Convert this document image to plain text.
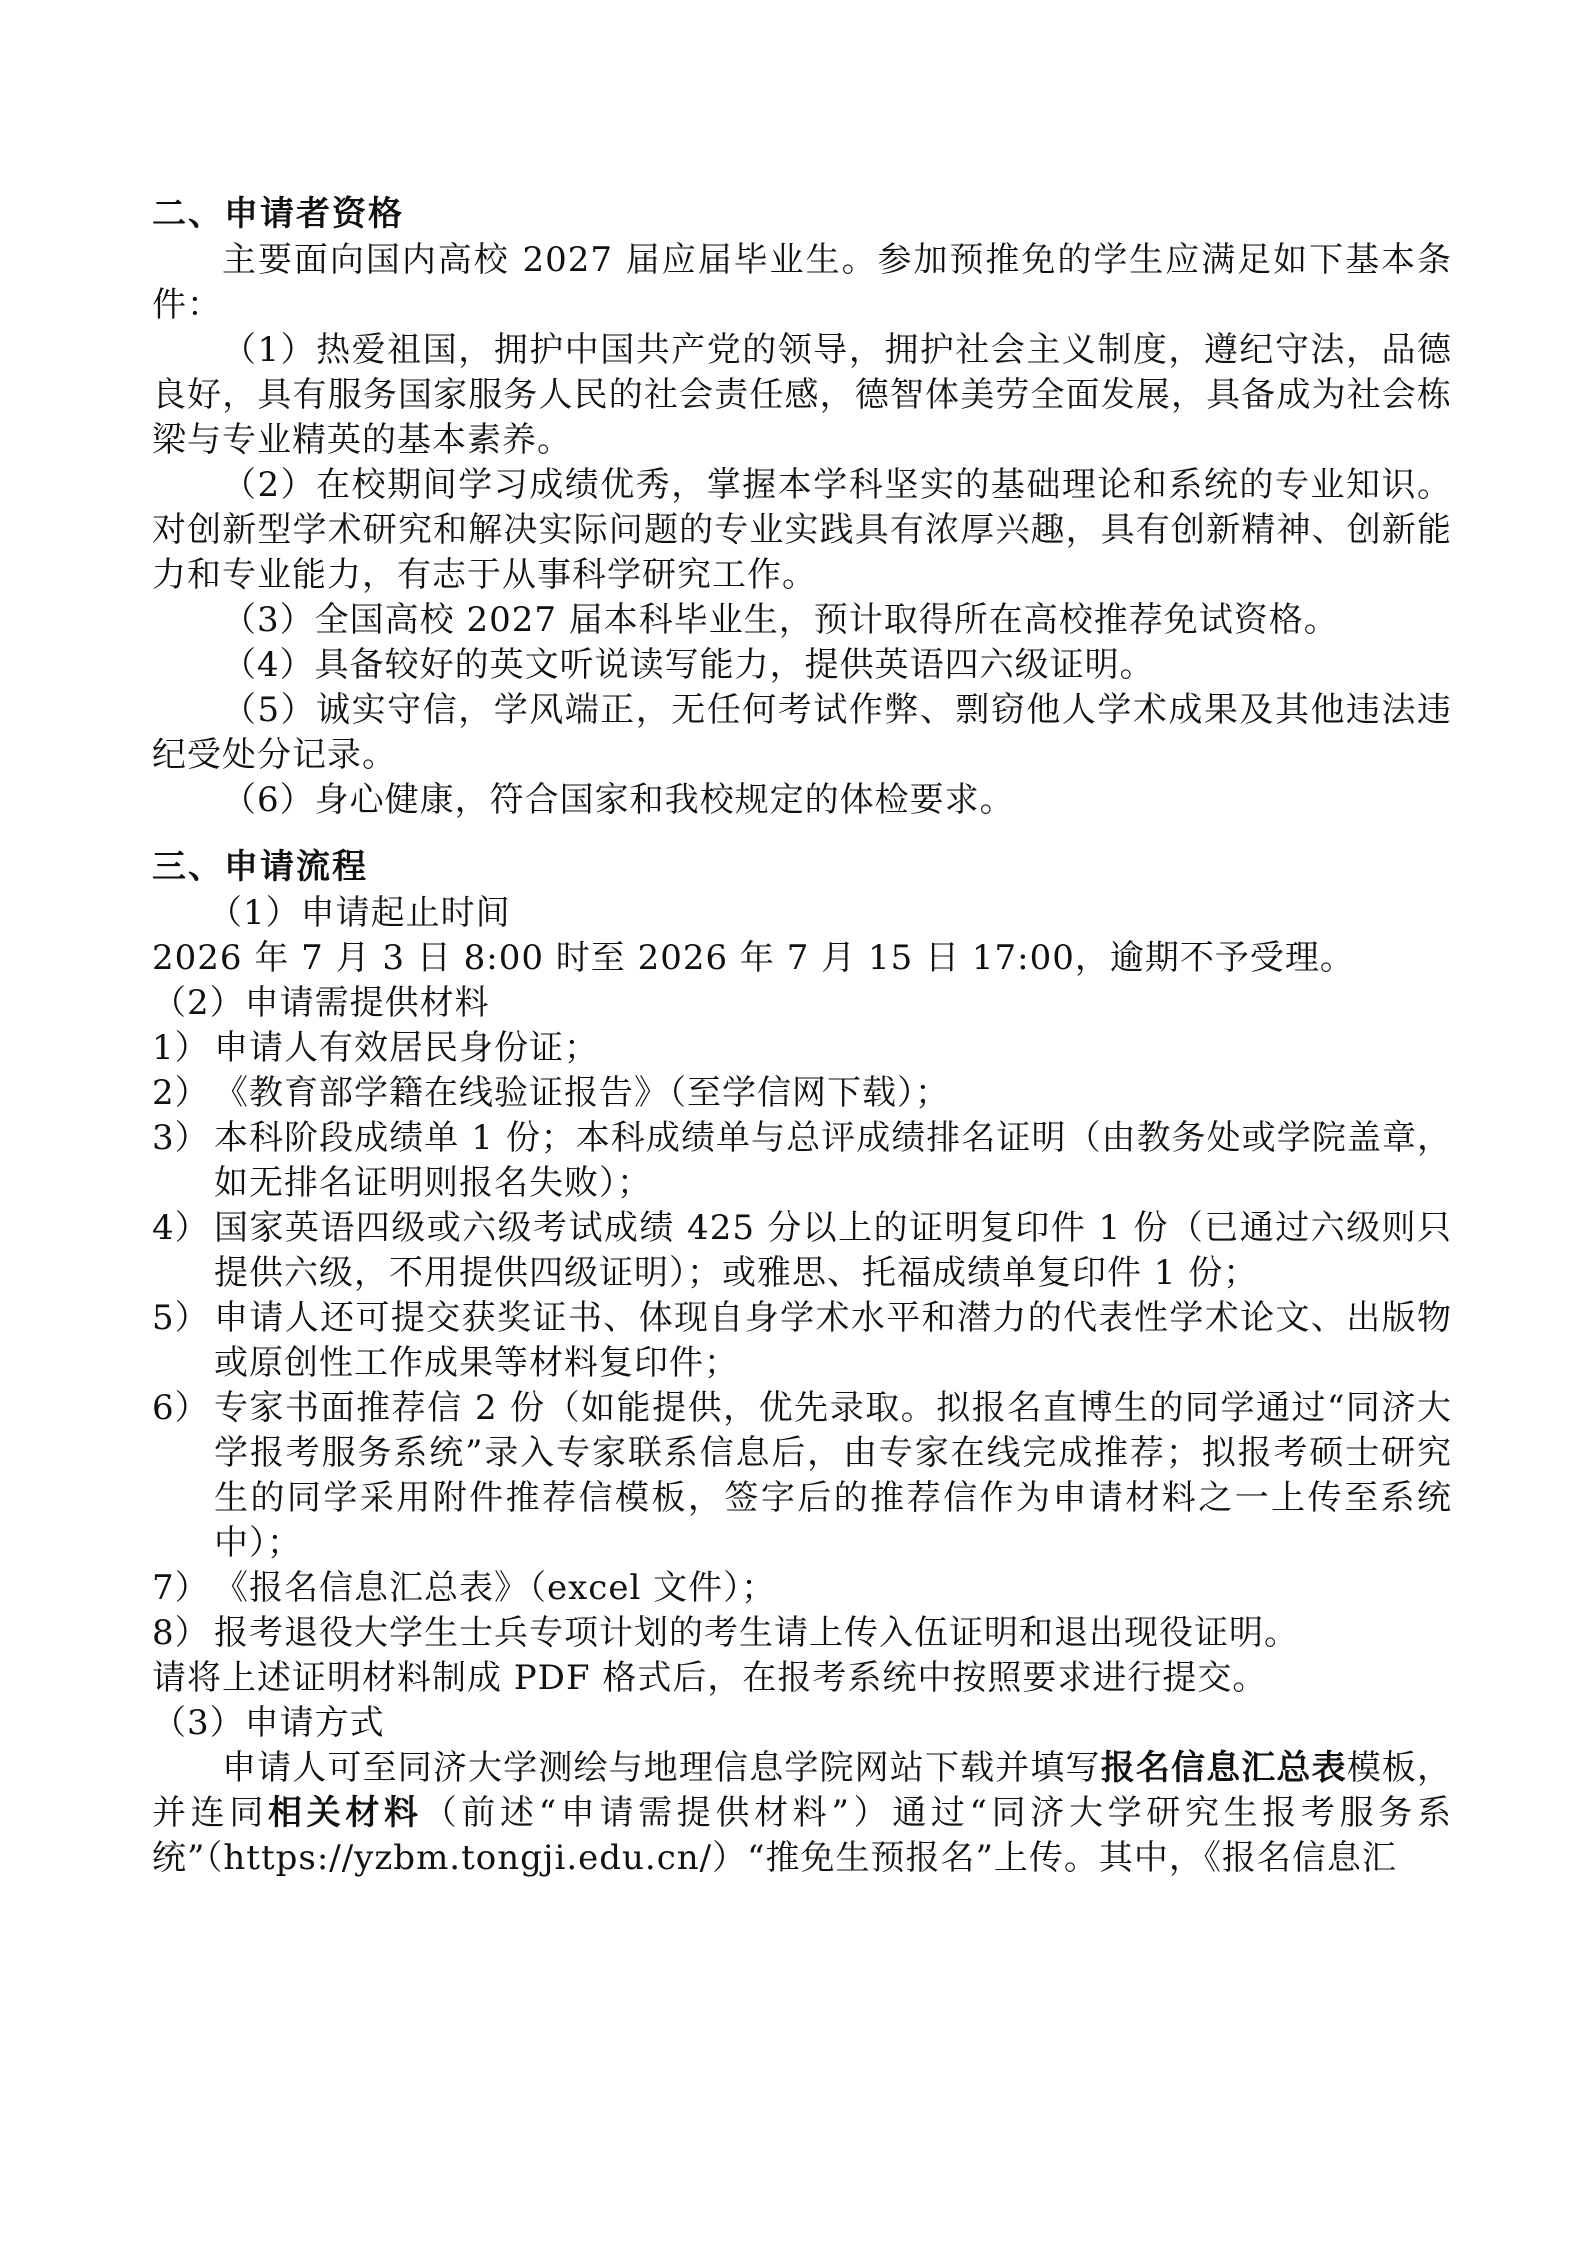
二、申请者资格

主要面向国内高校 2027 届应届毕业生。参加预推免的学生应满足如下基本条件：

（1）热爱祖国，拥护中国共产党的领导，拥护社会主义制度，遵纪守法，品德良好，具有服务国家服务人民的社会责任感，德智体美劳全面发展，具备成为社会栋梁与专业精英的基本素养。

（2）在校期间学习成绩优秀，掌握本学科坚实的基础理论和系统的专业知识。对创新型学术研究和解决实际问题的专业实践具有浓厚兴趣，具有创新精神、创新能力和专业能力，有志于从事科学研究工作。

（3）全国高校 2027 届本科毕业生，预计取得所在高校推荐免试资格。

（4）具备较好的英文听说读写能力，提供英语四六级证明。

（5）诚实守信，学风端正，无任何考试作弊、剽窃他人学术成果及其他违法违纪受处分记录。

（6）身心健康，符合国家和我校规定的体检要求。

三、申请流程

（1）申请起止时间

2026 年 7 月 3 日 8:00 时至 2026 年 7 月 15 日 17:00，逾期不予受理。

（2）申请需提供材料

1） 申请人有效居民身份证；
2） 《教育部学籍在线验证报告》（至学信网下载）；
3） 本科阶段成绩单 1 份；本科成绩单与总评成绩排名证明（由教务处或学院盖章，如无排名证明则报名失败）；
4） 国家英语四级或六级考试成绩 425 分以上的证明复印件 1 份（已通过六级则只提供六级，不用提供四级证明）；或雅思、托福成绩单复印件 1 份；
5） 申请人还可提交获奖证书、体现自身学术水平和潜力的代表性学术论文、出版物或原创性工作成果等材料复印件；
6） 专家书面推荐信 2 份（如能提供，优先录取。拟报名直博生的同学通过“同济大学报考服务系统”录入专家联系信息后，由专家在线完成推荐；拟报考硕士研究生的同学采用附件推荐信模板，签字后的推荐信作为申请材料之一上传至系统中）；
7） 《报名信息汇总表》（excel 文件）；
8） 报考退役大学生士兵专项计划的考生请上传入伍证明和退出现役证明。

请将上述证明材料制成 PDF 格式后，在报考系统中按照要求进行提交。

（3）申请方式

申请人可至同济大学测绘与地理信息学院网站下载并填写报名信息汇总表模板，并连同相关材料（前述“申请需提供材料”）通过“同济大学研究生报考服务系统”（https://yzbm.tongji.edu.cn/）“推免生预报名”上传。其中，《报名信息汇
